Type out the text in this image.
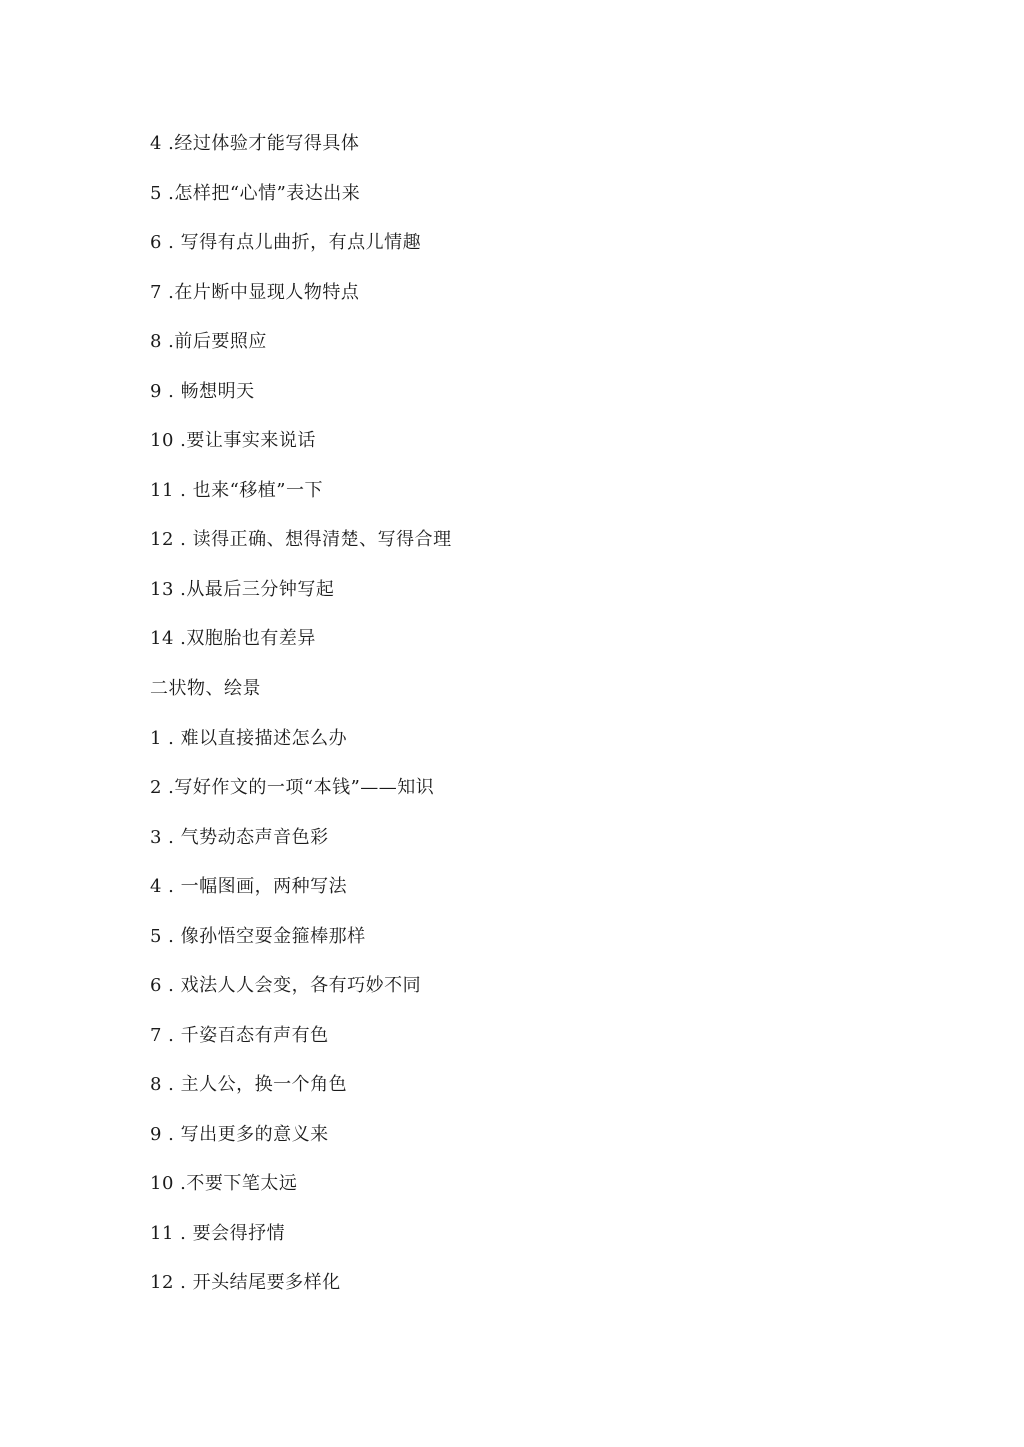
4 .经过体验才能写得具体
5 .怎样把“心情”表达出来
6 . 写得有点儿曲折，有点儿情趣
7 .在片断中显现人物特点
8 .前后要照应
9 . 畅想明天
10 .要让事实来说话
11 . 也来“移植”一下
12 . 读得正确、想得清楚、写得合理
13 .从最后三分钟写起
14 .双胞胎也有差异
二状物、绘景
1 . 难以直接描述怎么办
2 .写好作文的一项“本钱”——知识
3 . 气势动态声音色彩
4 . 一幅图画，两种写法
5 . 像孙悟空耍金箍棒那样
6 . 戏法人人会变，各有巧妙不同
7 . 千姿百态有声有色
8 . 主人公，换一个角色
9 . 写出更多的意义来
10 .不要下笔太远
11 . 要会得抒情
12 . 开头结尾要多样化
